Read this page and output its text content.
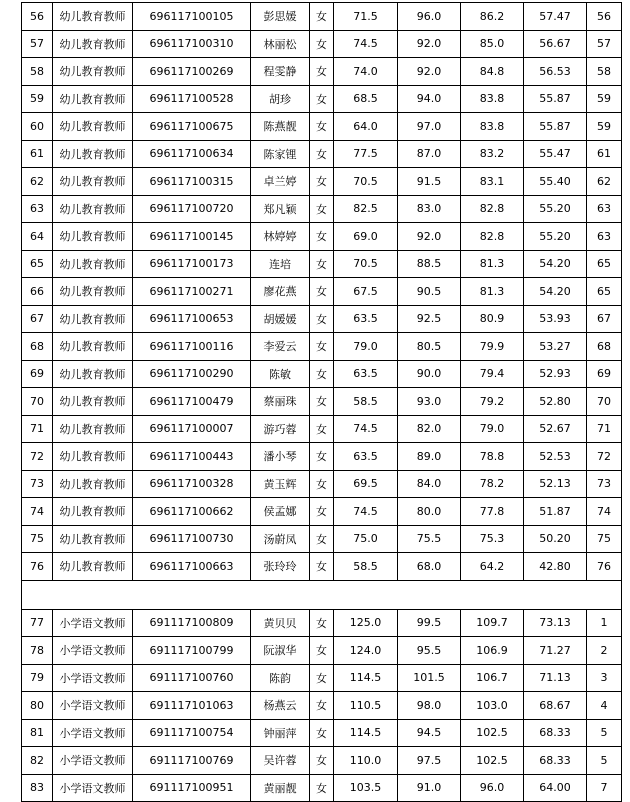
56	幼儿教育教师	696117100105	彭思媛	女	71.5	96.0	86.2	57.47	56
57	幼儿教育教师	696117100310	林丽松	女	74.5	92.0	85.0	56.67	57
58	幼儿教育教师	696117100269	程雯静	女	74.0	92.0	84.8	56.53	58
59	幼儿教育教师	696117100528	胡珍	女	68.5	94.0	83.8	55.87	59
60	幼儿教育教师	696117100675	陈燕靓	女	64.0	97.0	83.8	55.87	59
61	幼儿教育教师	696117100634	陈家锂	女	77.5	87.0	83.2	55.47	61
62	幼儿教育教师	696117100315	卓兰婷	女	70.5	91.5	83.1	55.40	62
63	幼儿教育教师	696117100720	郑凡颖	女	82.5	83.0	82.8	55.20	63
64	幼儿教育教师	696117100145	林婷婷	女	69.0	92.0	82.8	55.20	63
65	幼儿教育教师	696117100173	连培	女	70.5	88.5	81.3	54.20	65
66	幼儿教育教师	696117100271	廖花燕	女	67.5	90.5	81.3	54.20	65
67	幼儿教育教师	696117100653	胡媛媛	女	63.5	92.5	80.9	53.93	67
68	幼儿教育教师	696117100116	李爱云	女	79.0	80.5	79.9	53.27	68
69	幼儿教育教师	696117100290	陈敏	女	63.5	90.0	79.4	52.93	69
70	幼儿教育教师	696117100479	蔡丽珠	女	58.5	93.0	79.2	52.80	70
71	幼儿教育教师	696117100007	游巧蓉	女	74.5	82.0	79.0	52.67	71
72	幼儿教育教师	696117100443	潘小琴	女	63.5	89.0	78.8	52.53	72
73	幼儿教育教师	696117100328	黄玉辉	女	69.5	84.0	78.2	52.13	73
74	幼儿教育教师	696117100662	侯孟娜	女	74.5	80.0	77.8	51.87	74
75	幼儿教育教师	696117100730	汤蔚凤	女	75.0	75.5	75.3	50.20	75
76	幼儿教育教师	696117100663	张玲玲	女	58.5	68.0	64.2	42.80	76

77	小学语文教师	691117100809	黄贝贝	女	125.0	99.5	109.7	73.13	1
78	小学语文教师	691117100799	阮淑华	女	124.0	95.5	106.9	71.27	2
79	小学语文教师	691117100760	陈韵	女	114.5	101.5	106.7	71.13	3
80	小学语文教师	691117101063	杨燕云	女	110.5	98.0	103.0	68.67	4
81	小学语文教师	691117100754	钟丽萍	女	114.5	94.5	102.5	68.33	5
82	小学语文教师	691117100769	吴许蓉	女	110.0	97.5	102.5	68.33	5
83	小学语文教师	691117100951	黄丽靓	女	103.5	91.0	96.0	64.00	7
